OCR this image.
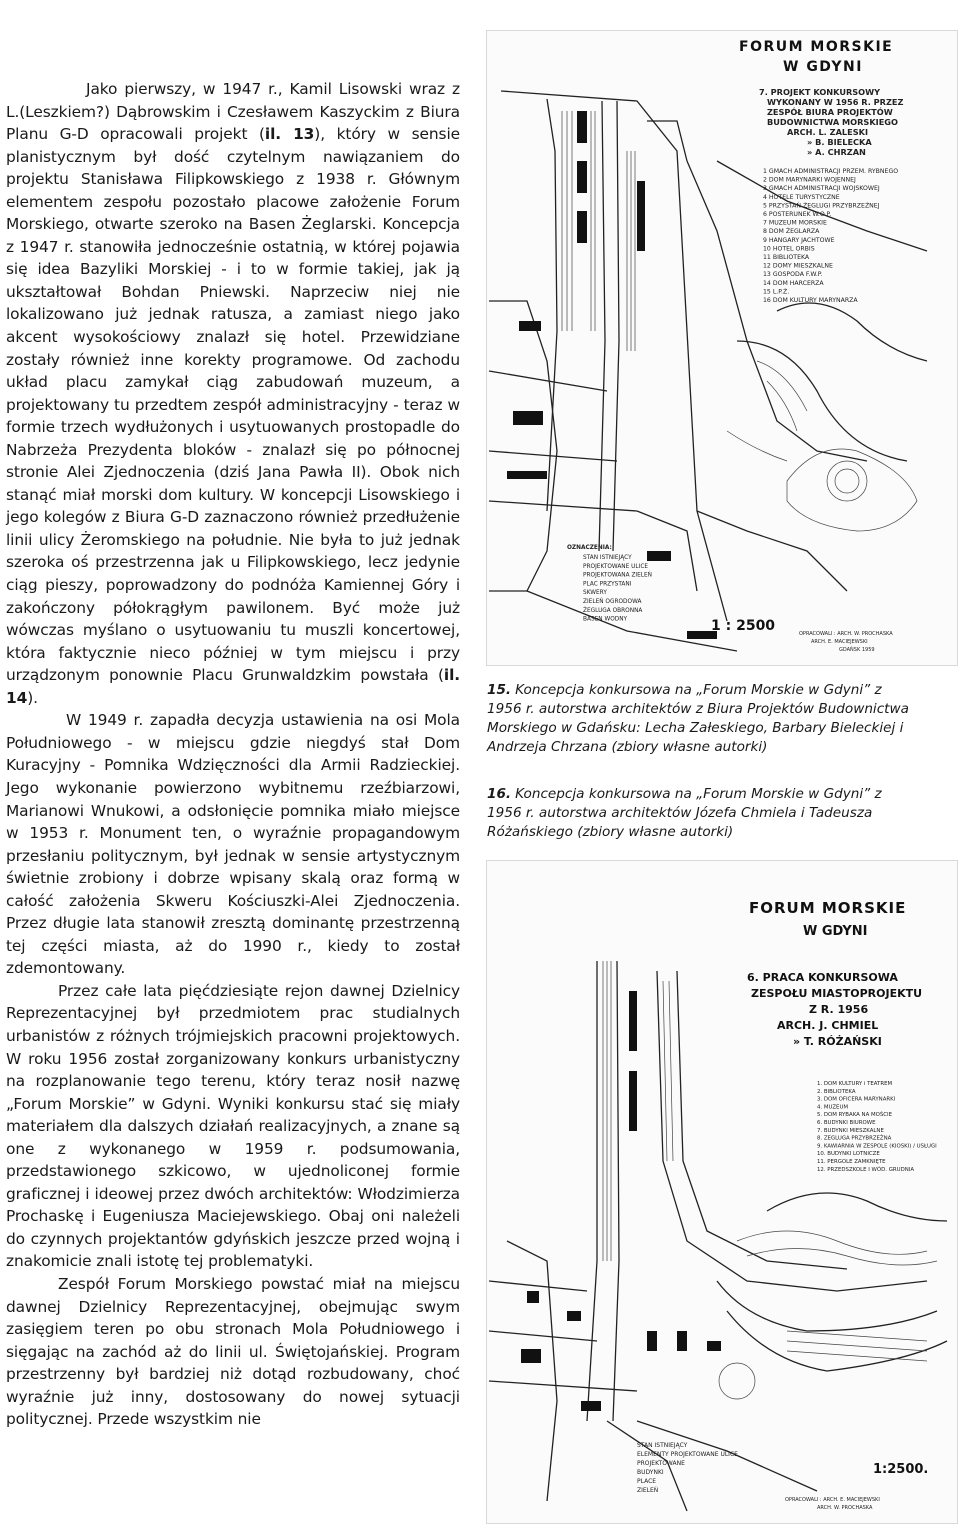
Jako pierwszy, w 1947 r., Kamil Lisowski wraz z L.(Leszkiem?) Dąbrowskim i Czesławem Kaszyckim z Biura Planu G-D opracowali projekt (il. 13), który w sensie planistycznym był dość czytelnym nawiązaniem do projektu Stanisława Filipkowskiego z 1938 r. Głównym elementem zespołu pozostało placowe założenie Forum Morskiego, otwarte szeroko na Basen Żeglarski. Koncepcja z 1947 r. stanowiła jednocześnie ostatnią, w której pojawia się idea Bazyliki Morskiej - i to w formie takiej, jak ją ukształtował Bohdan Pniewski. Naprzeciw niej nie lokalizowano już jednak ratusza, a zamiast niego jako akcent wysokościowy znalazł się hotel. Przewidziane zostały również inne korekty programowe. Od zachodu układ placu zamykał ciąg zabudowań muzeum, a projektowany tu przedtem zespół administracyjny - teraz w formie trzech wydłużonych i usytuowanych prostopadle do Nabrzeża Prezydenta bloków - znalazł się po północnej stronie Alei Zjednoczenia (dziś Jana Pawła II). Obok nich stanąć miał morski dom kultury. W koncepcji Lisowskiego i jego kolegów z Biura G-D zaznaczono również przedłużenie linii ulicy Żeromskiego na południe. Nie była to już jednak szeroka oś przestrzenna jak u Filipkowskiego, lecz jedynie ciąg pieszy, poprowadzony do podnóża Kamiennej Góry i zakończony półokrągłym pawilonem. Być może już wówczas myślano o usytuowaniu tu muszli koncertowej, która faktycznie nieco później w tym miejscu i przy urządzonym ponownie Placu Grunwaldzkim powstała (il. 14).

W 1949 r. zapadła decyzja ustawienia na osi Mola Południowego - w miejscu gdzie niegdyś stał Dom Kuracyjny - Pomnika Wdzięczności dla Armii Radzieckiej. Jego wykonanie powierzono wybitnemu rzeźbiarzowi, Marianowi Wnukowi, a odsłonięcie pomnika miało miejsce w 1953 r. Monument ten, o wyraźnie propagandowym przesłaniu politycznym, był jednak w sensie artystycznym świetnie zrobiony i dobrze wpisany skalą oraz formą w całość założenia Skweru Kościuszki-Alei Zjednoczenia. Przez długie lata stanowił zresztą dominantę przestrzenną tej części miasta, aż do 1990 r., kiedy to został zdemontowany.

Przez całe lata pięćdziesiąte rejon dawnej Dzielnicy Reprezentacyjnej był przedmiotem prac studialnych urbanistów z różnych trójmiejskich pracowni projektowych. W roku 1956 został zorganizowany konkurs urbanistyczny na rozplanowanie tego terenu, który teraz nosił nazwę „Forum Morskie” w Gdyni. Wyniki konkursu stać się miały materiałem dla dalszych działań realizacyjnych, a znane są one z wykonanego w 1959 r. podsumowania, przedstawionego szkicowo, w ujednoliconej formie graficznej i ideowej przez dwóch architektów: Włodzimierza Prochaskę i Eugeniusza Maciejewskiego. Obaj oni należeli do czynnych projektantów gdyńskich jeszcze przed wojną i znakomicie znali istotę tej problematyki.

Zespół Forum Morskiego powstać miał na miejscu dawnej Dzielnicy Reprezentacyjnej, obejmując swym zasięgiem teren po obu stronach Mola Południowego i sięgając na zachód aż do linii ul. Świętojańskiej. Program przestrzenny był bardziej niż dotąd rozbudowany, choć wyraźnie już inny, dostosowany do nowej sytuacji politycznej. Przede wszystkim nie

FORUM MORSKIE
W GDYNI
7. PROJEKT KONKURSOWY
WYKONANY W 1956 R. PRZEZ
ZESPÓŁ BIURA PROJEKTÓW
BUDOWNICTWA MORSKIEGO
ARCH. L. ZALESKI
» B. BIELECKA
» A. CHRZAN
1 GMACH ADMINISTRACJI PRZEM. RYBNEGO
2 DOM MARYNARKI WOJENNEJ
3 GMACH ADMINISTRACJI WOJSKOWEJ
4 HOTELE TURYSTYCZNE
5 PRZYSTAŃ ŻEGLUGI PRZYBRZEŻNEJ
6 POSTERUNEK W.O.P.
7 MUZEUM MORSKIE
8 DOM ŻEGLARZA
9 HANGARY JACHTOWE
10 HOTEL ORBIS
11 BIBLIOTEKA
12 DOMY MIESZKALNE
13 GOSPODA F.W.P.
14 DOM HARCERZA
15 L.P.Ż.
16 DOM KULTURY MARYNARZA
OZNACZENIA:
STAN ISTNIEJĄCY
PROJEKTOWANE ULICE
PROJEKTOWANA ZIELEŃ
PLAC PRZYSTANI
SKWERY
ZIELEŃ OGRODOWA
ŻEGLUGA OBRONNA
BASEN WODNY	1 : 2500	OPRACOWALI : ARCH. W. PROCHASKA
ARCH. E. MACIEJEWSKI
GDAŃSK 1959
15. Koncepcja konkursowa na „Forum Morskie w Gdyni” z 1956 r. autorstwa architektów z Biura Projektów Budownictwa Morskiego w Gdańsku: Lecha Załeskiego, Barbary Bieleckiej i Andrzeja Chrzana (zbiory własne autorki)
16. Koncepcja konkursowa na „Forum Morskie w Gdyni” z 1956 r. autorstwa architektów Józefa Chmiela i Tadeusza Różańskiego (zbiory własne autorki)
FORUM MORSKIE
W GDYNI
6. PRACA KONKURSOWA
ZESPOŁU MIASTOPROJEKTU
Z R. 1956
ARCH. J. CHMIEL
» T. RÓŻAŃSKI
1. DOM KULTURY i TEATREM
2. BIBLIOTEKA
3. DOM OFICERA MARYNARKI
4. MUZEUM
5. DOM RYBAKA NA MOŚCIE
6. BUDYNKI BIUROWE
7. BUDYNKI MIESZKALNE
8. ZEGLUGA PRZYBRZEŻNA
9. KAWIARNIA W ZESPOLE (KIOSKI) / USŁUGI
10. BUDYNKI LOTNICZE
11. PERGOLE ZAMKNIĘTE
12. PRZEDSZKOLE I WÓD. GRUDNIA
STAN ISTNIEJĄCY
ELEMENTY PROJEKTOWANE ULICE
PROJEKTOWANE
BUDYNKI
PLACE
ZIELEŃ
1:2500.
OPRACOWALI : ARCH. E. MACIEJEWSKI
ARCH. W. PROCHASKA
